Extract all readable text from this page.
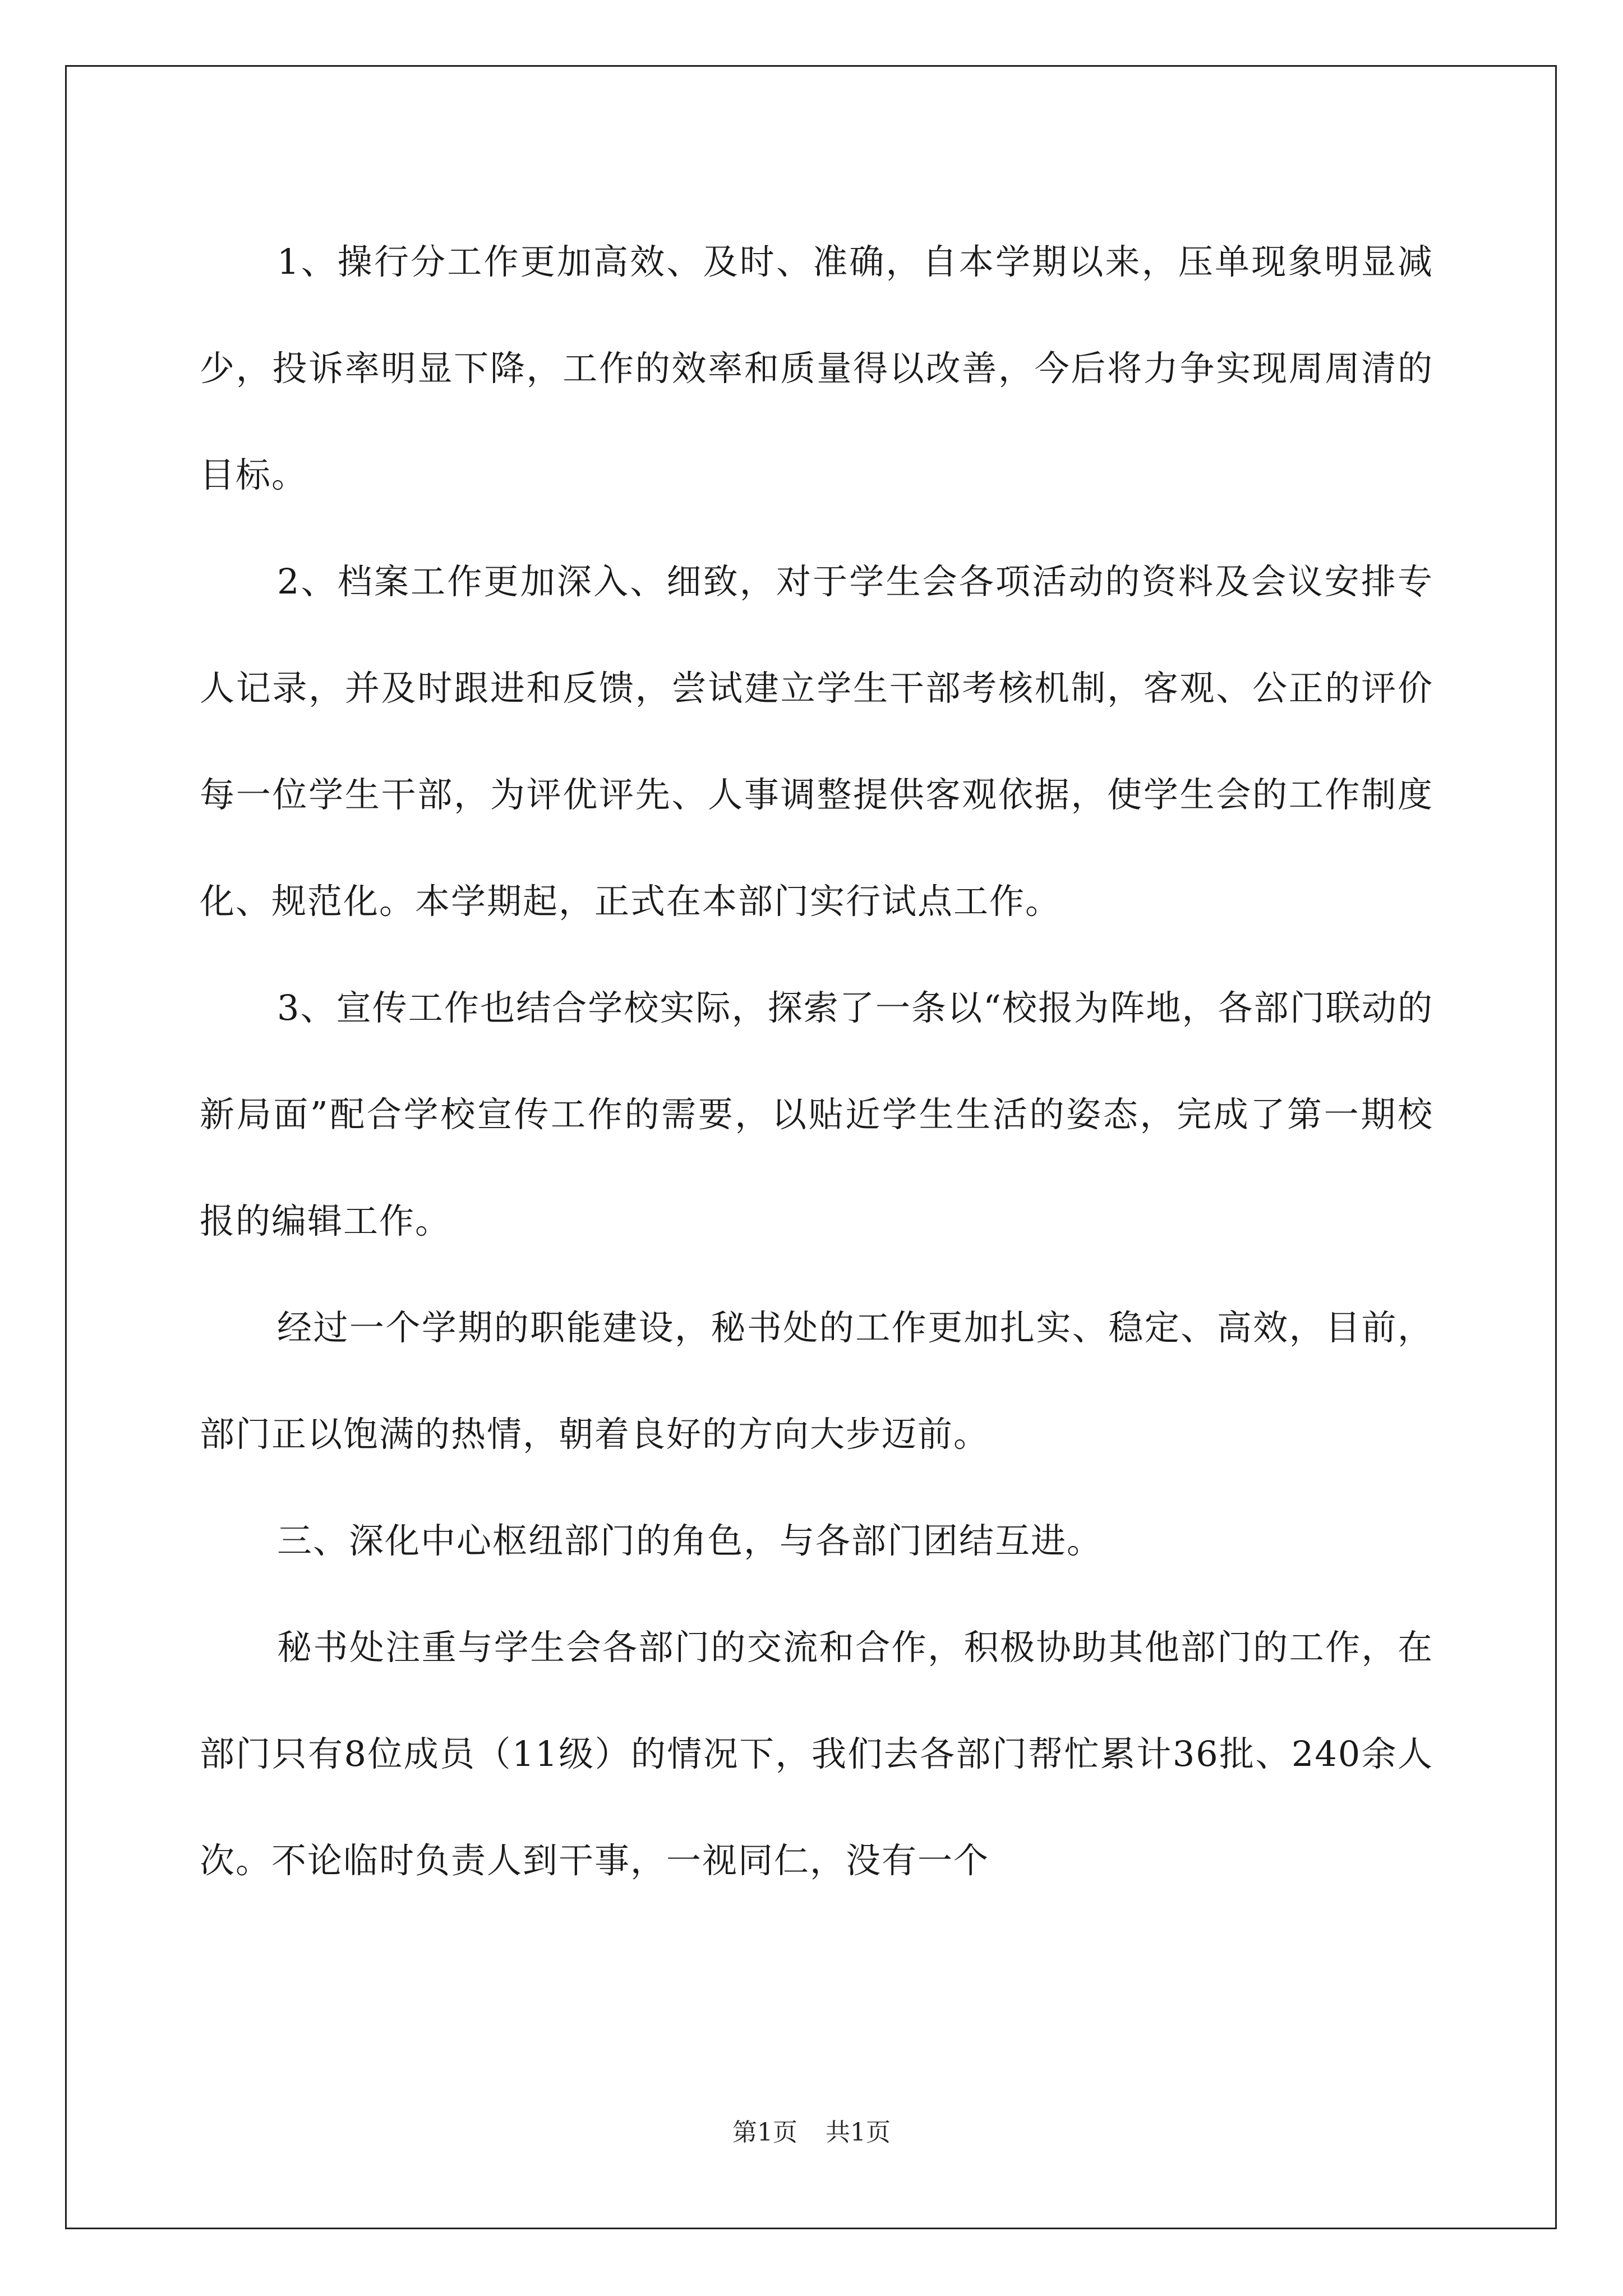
1、操行分工作更加高效、及时、准确，自本学期以来，压单现象明显减少，投诉率明显下降，工作的效率和质量得以改善，今后将力争实现周周清的目标。

2、档案工作更加深入、细致，对于学生会各项活动的资料及会议安排专人记录，并及时跟进和反馈，尝试建立学生干部考核机制，客观、公正的评价每一位学生干部，为评优评先、人事调整提供客观依据，使学生会的工作制度化、规范化。本学期起，正式在本部门实行试点工作。

3、宣传工作也结合学校实际，探索了一条以“校报为阵地，各部门联动的新局面”配合学校宣传工作的需要，以贴近学生生活的姿态，完成了第一期校报的编辑工作。

经过一个学期的职能建设，秘书处的工作更加扎实、稳定、高效，目前，部门正以饱满的热情，朝着良好的方向大步迈前。

三、深化中心枢纽部门的角色，与各部门团结互进。

秘书处注重与学生会各部门的交流和合作，积极协助其他部门的工作，在部门只有8位成员（11级）的情况下，我们去各部门帮忙累计36批、240余人次。不论临时负责人到干事，一视同仁，没有一个

第1页 共1页
